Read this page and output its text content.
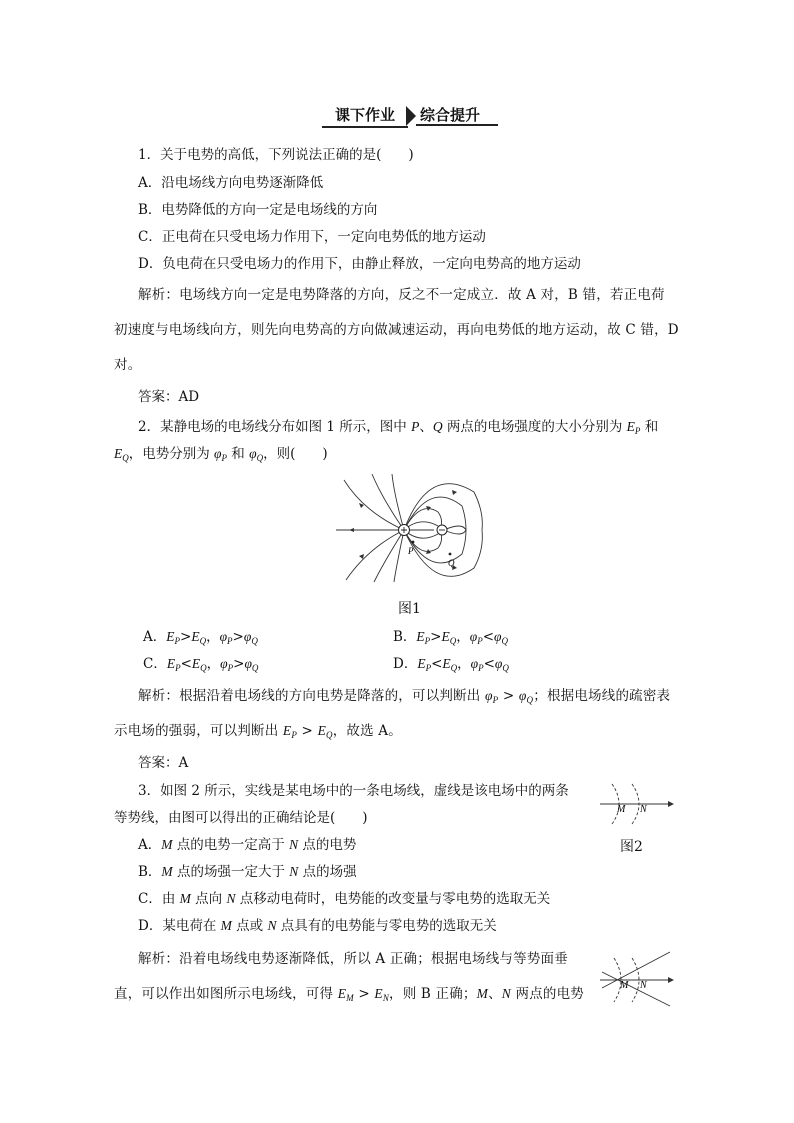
课下作业	综合提升
1．关于电势的高低，下列说法正确的是(　　)
A．沿电场线方向电势逐渐降低
B．电势降低的方向一定是电场线的方向
C．正电荷在只受电场力作用下，一定向电势低的地方运动
D．负电荷在只受电场力的作用下，由静止释放，一定向电势高的地方运动
解析：电场线方向一定是电势降落的方向，反之不一定成立．故 A 对，B 错，若正电荷
初速度与电场线向方，则先向电势高的方向做减速运动，再向电势低的地方运动，故 C 错，D
对。
答案：AD
2．某静电场的电场线分布如图 1 所示，图中 P、Q 两点的电场强度的大小分别为 $E_P$ 和
$E_Q$，电势分别为 $\varphi_P$ 和 $\varphi_Q$，则(　　)
P
Q
图1
A．$E_P>E_Q$，$\varphi_P>\varphi_Q$	B．$E_P>E_Q$，$\varphi_P<\varphi_Q$
C．$E_P<E_Q$，$\varphi_P>\varphi_Q$	D．$E_P<E_Q$，$\varphi_P<\varphi_Q$
解析：根据沿着电场线的方向电势是降落的，可以判断出 $\varphi_P > \varphi_Q$；根据电场线的疏密表
示电场的强弱，可以判断出 $E_P > E_Q$，故选 A。
答案：A
3．如图 2 所示，实线是某电场中的一条电场线，虚线是该电场中的两条
等势线，由图可以得出的正确结论是(　　)
M N
图2
A．M 点的电势一定高于 N 点的电势
B．M 点的场强一定大于 N 点的场强
C．由 M 点向 N 点移动电荷时，电势能的改变量与零电势的选取无关
D．某电荷在 M 点或 N 点具有的电势能与零电势的选取无关
解析：沿着电场线电势逐渐降低，所以 A 正确；根据电场线与等势面垂
直，可以作出如图所示电场线，可得 $E_M > E_N$，则 B 正确；M、N 两点的电势
M N
